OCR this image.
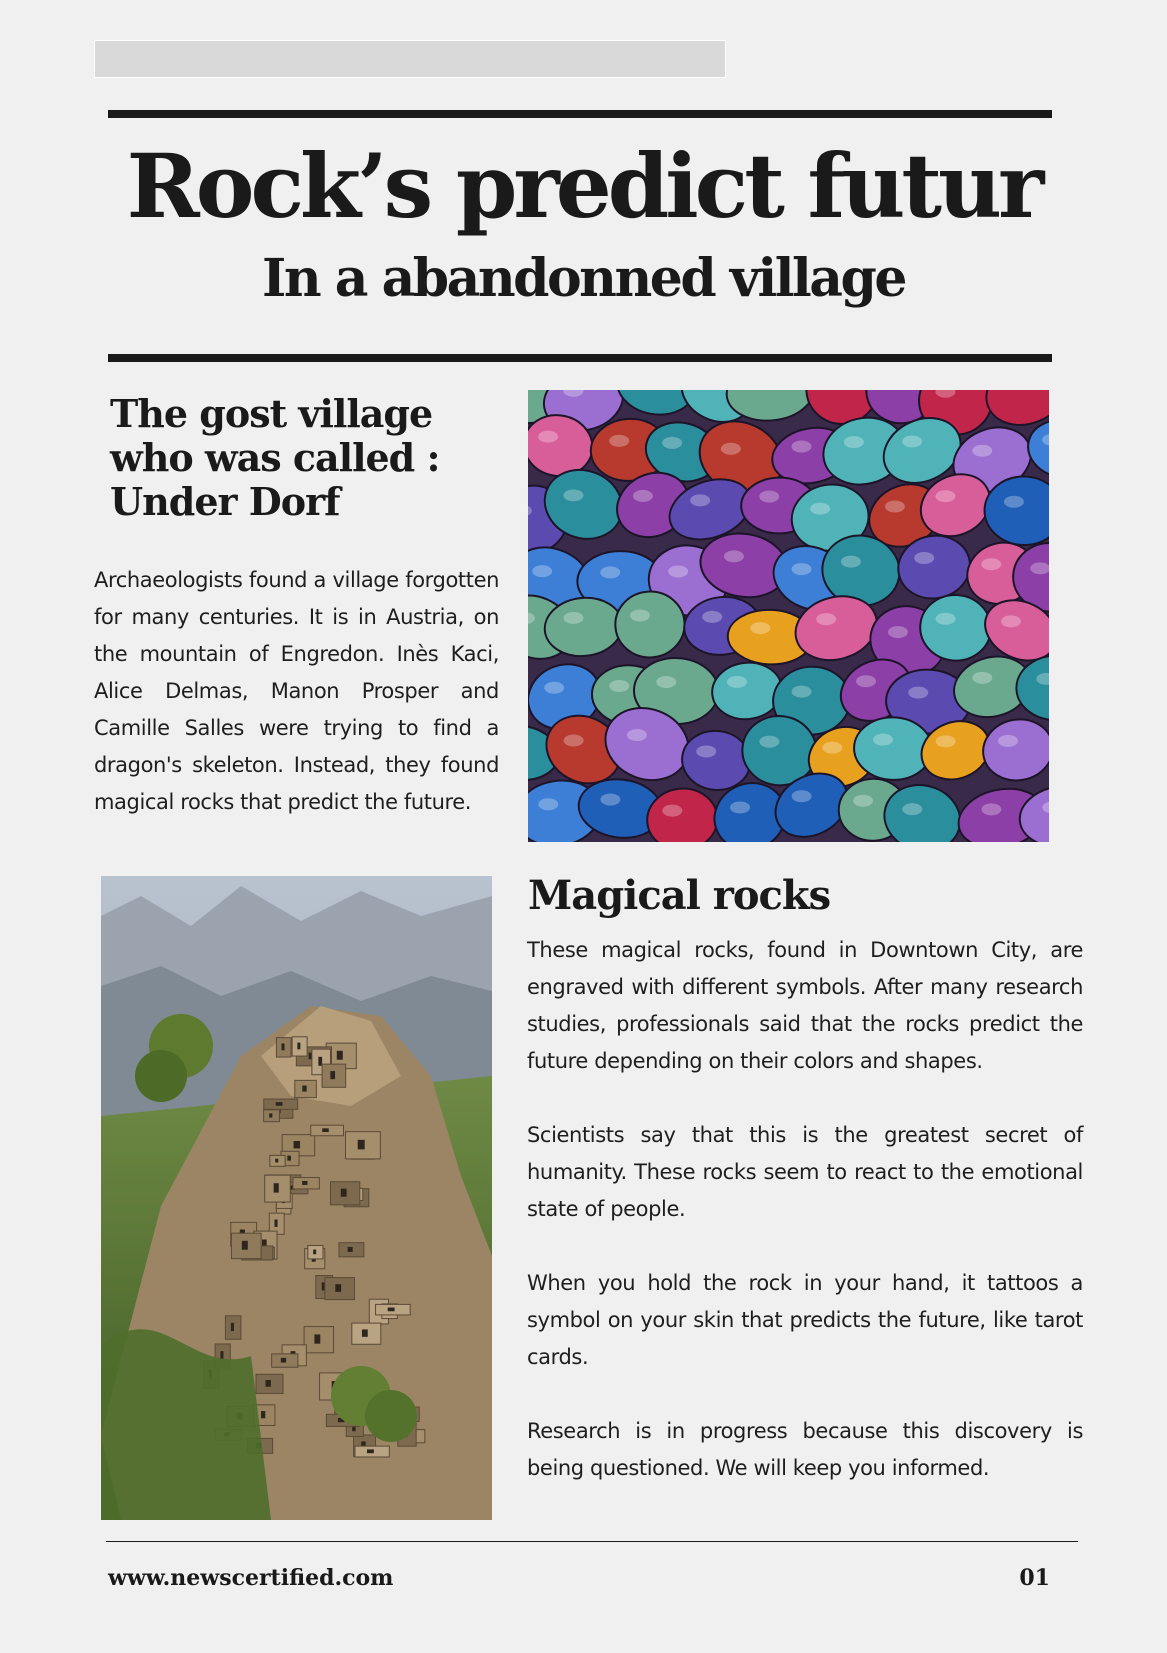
Rock’s predict futur
In a abandonned village
The gost village
who was called :
Under Dorf

Archaeologists found a village forgotten for many centuries. It is in Austria, on the mountain of Engredon. Inès Kaci, Alice Delmas, Manon Prosper and Camille Salles were trying to find a dragon's skeleton. Instead, they found magical rocks that predict the future.

Magical rocks

These magical rocks, found in Downtown City, are engraved with different symbols. After many research studies, professionals said that the rocks predict the future depending on their colors and shapes.

Scientists say that this is the greatest secret of humanity. These rocks seem to react to the emotional state of people.

When you hold the rock in your hand, it tattoos a symbol on your skin that predicts the future, like tarot cards.

Research is in progress because this discovery is being questioned. We will keep you informed.

www.newscertified.com	01
